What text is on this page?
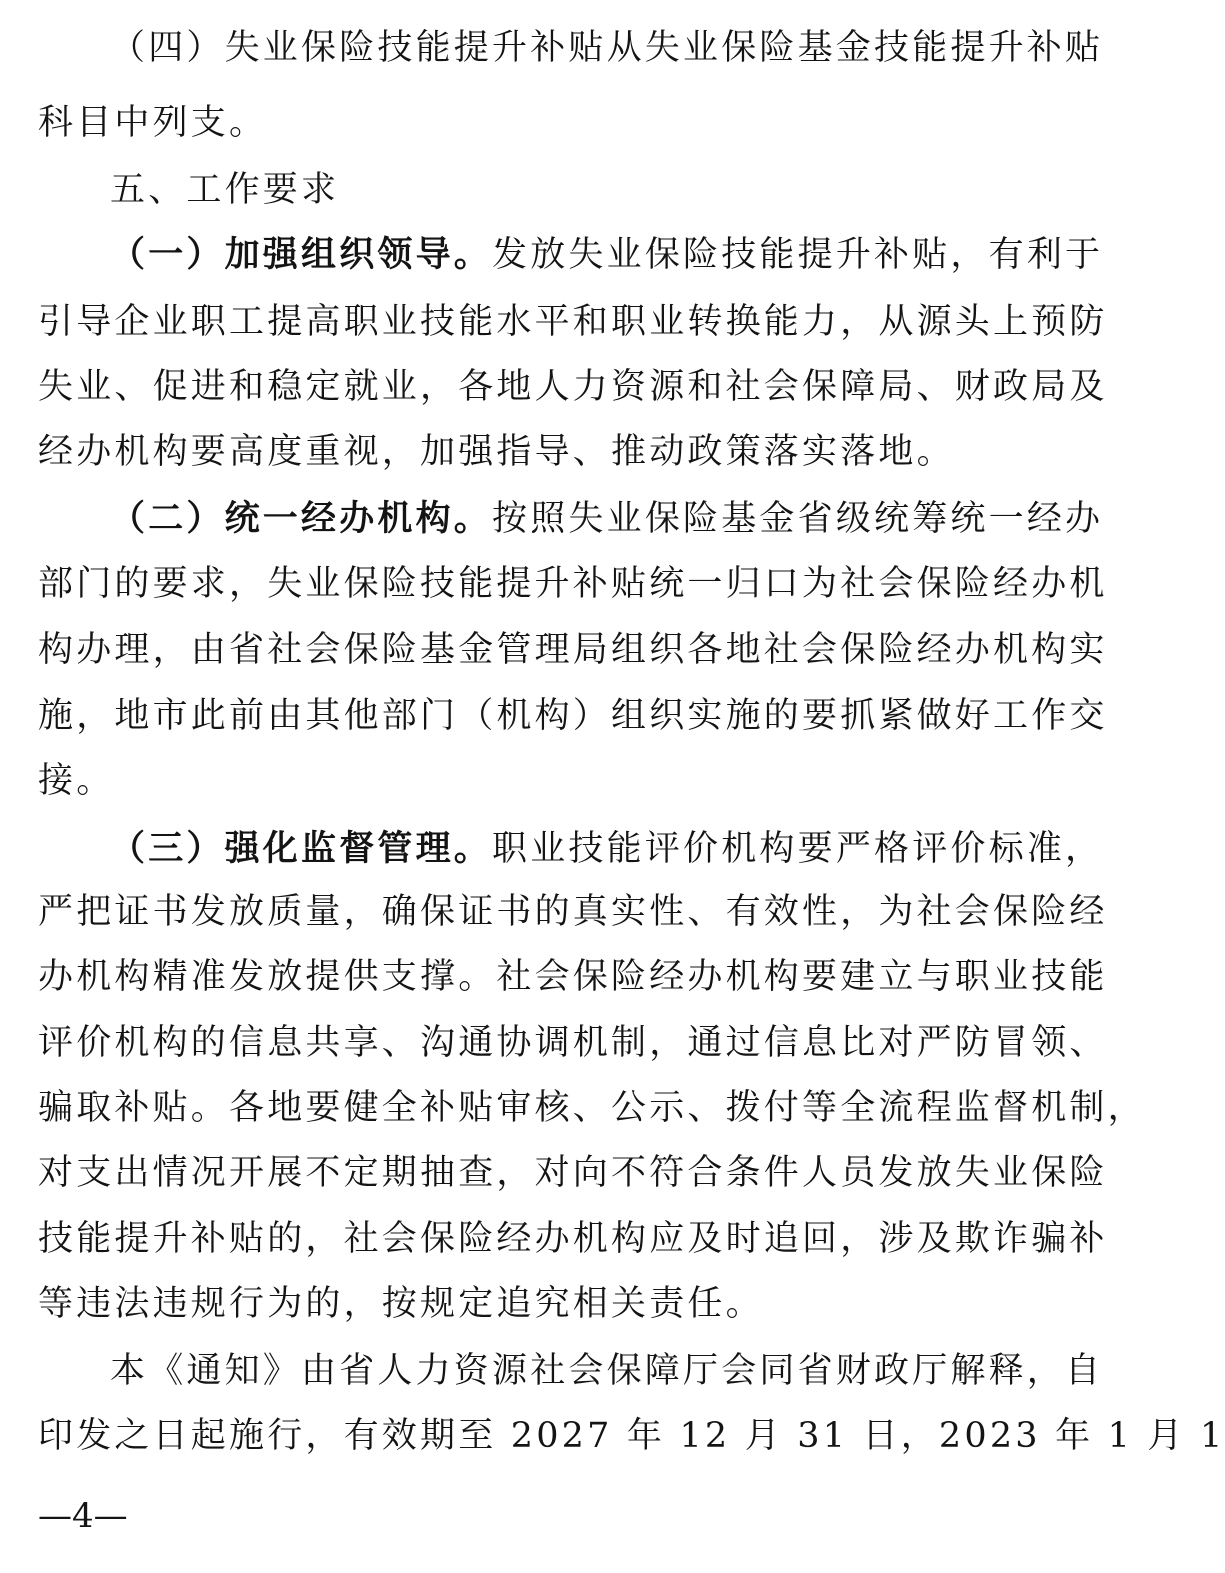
（四）失业保险技能提升补贴从失业保险基金技能提升补贴
科目中列支。
五、工作要求
（一）加强组织领导。发放失业保险技能提升补贴，有利于
引导企业职工提高职业技能水平和职业转换能力，从源头上预防
失业、促进和稳定就业，各地人力资源和社会保障局、财政局及
经办机构要高度重视，加强指导、推动政策落实落地。
（二）统一经办机构。按照失业保险基金省级统筹统一经办
部门的要求，失业保险技能提升补贴统一归口为社会保险经办机
构办理，由省社会保险基金管理局组织各地社会保险经办机构实
施，地市此前由其他部门（机构）组织实施的要抓紧做好工作交
接。
（三）强化监督管理。职业技能评价机构要严格评价标准，
严把证书发放质量，确保证书的真实性、有效性，为社会保险经
办机构精准发放提供支撑。社会保险经办机构要建立与职业技能
评价机构的信息共享、沟通协调机制，通过信息比对严防冒领、
骗取补贴。各地要健全补贴审核、公示、拨付等全流程监督机制，
对支出情况开展不定期抽查，对向不符合条件人员发放失业保险
技能提升补贴的，社会保险经办机构应及时追回，涉及欺诈骗补
等违法违规行为的，按规定追究相关责任。
本《通知》由省人力资源社会保障厅会同省财政厅解释，自
印发之日起施行，有效期至 2027 年 12 月 31 日，2023 年 1 月 1
—4—
